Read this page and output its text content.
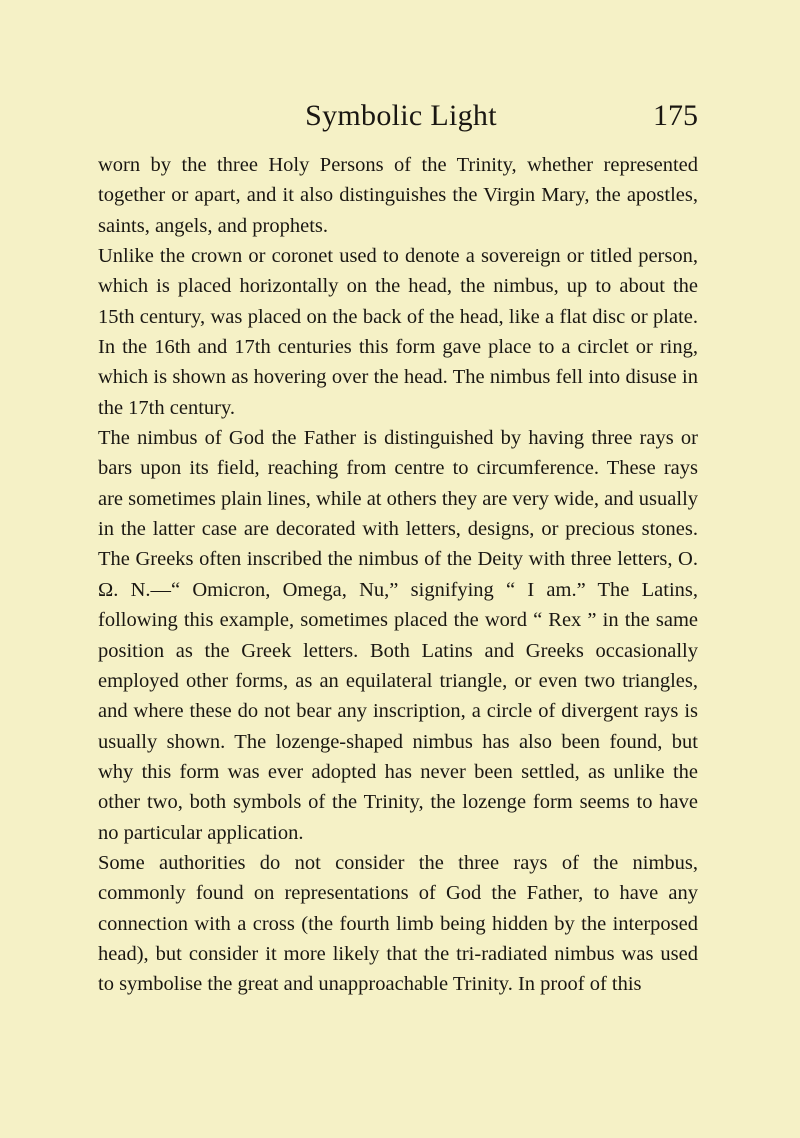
Symbolic Light	175

worn by the three Holy Persons of the Trinity, whether represented together or apart, and it also distinguishes the Virgin Mary, the apostles, saints, angels, and prophets.

Unlike the crown or coronet used to denote a sovereign or titled person, which is placed horizontally on the head, the nimbus, up to about the 15th century, was placed on the back of the head, like a flat disc or plate. In the 16th and 17th centuries this form gave place to a circlet or ring, which is shown as hovering over the head. The nimbus fell into disuse in the 17th century.

The nimbus of God the Father is distinguished by having three rays or bars upon its field, reaching from centre to circumference. These rays are sometimes plain lines, while at others they are very wide, and usually in the latter case are decorated with letters, designs, or precious stones. The Greeks often inscribed the nimbus of the Deity with three letters, O. Ω. N.—“ Omicron, Omega, Nu,” signifying “ I am.” The Latins, following this example, sometimes placed the word “ Rex ” in the same position as the Greek letters. Both Latins and Greeks occasionally employed other forms, as an equilateral triangle, or even two triangles, and where these do not bear any inscription, a circle of divergent rays is usually shown. The lozenge-shaped nimbus has also been found, but why this form was ever adopted has never been settled, as unlike the other two, both symbols of the Trinity, the lozenge form seems to have no particular application.

Some authorities do not consider the three rays of the nimbus, commonly found on representations of God the Father, to have any connection with a cross (the fourth limb being hidden by the interposed head), but consider it more likely that the tri-radiated nimbus was used to symbolise the great and unapproachable Trinity. In proof of this
